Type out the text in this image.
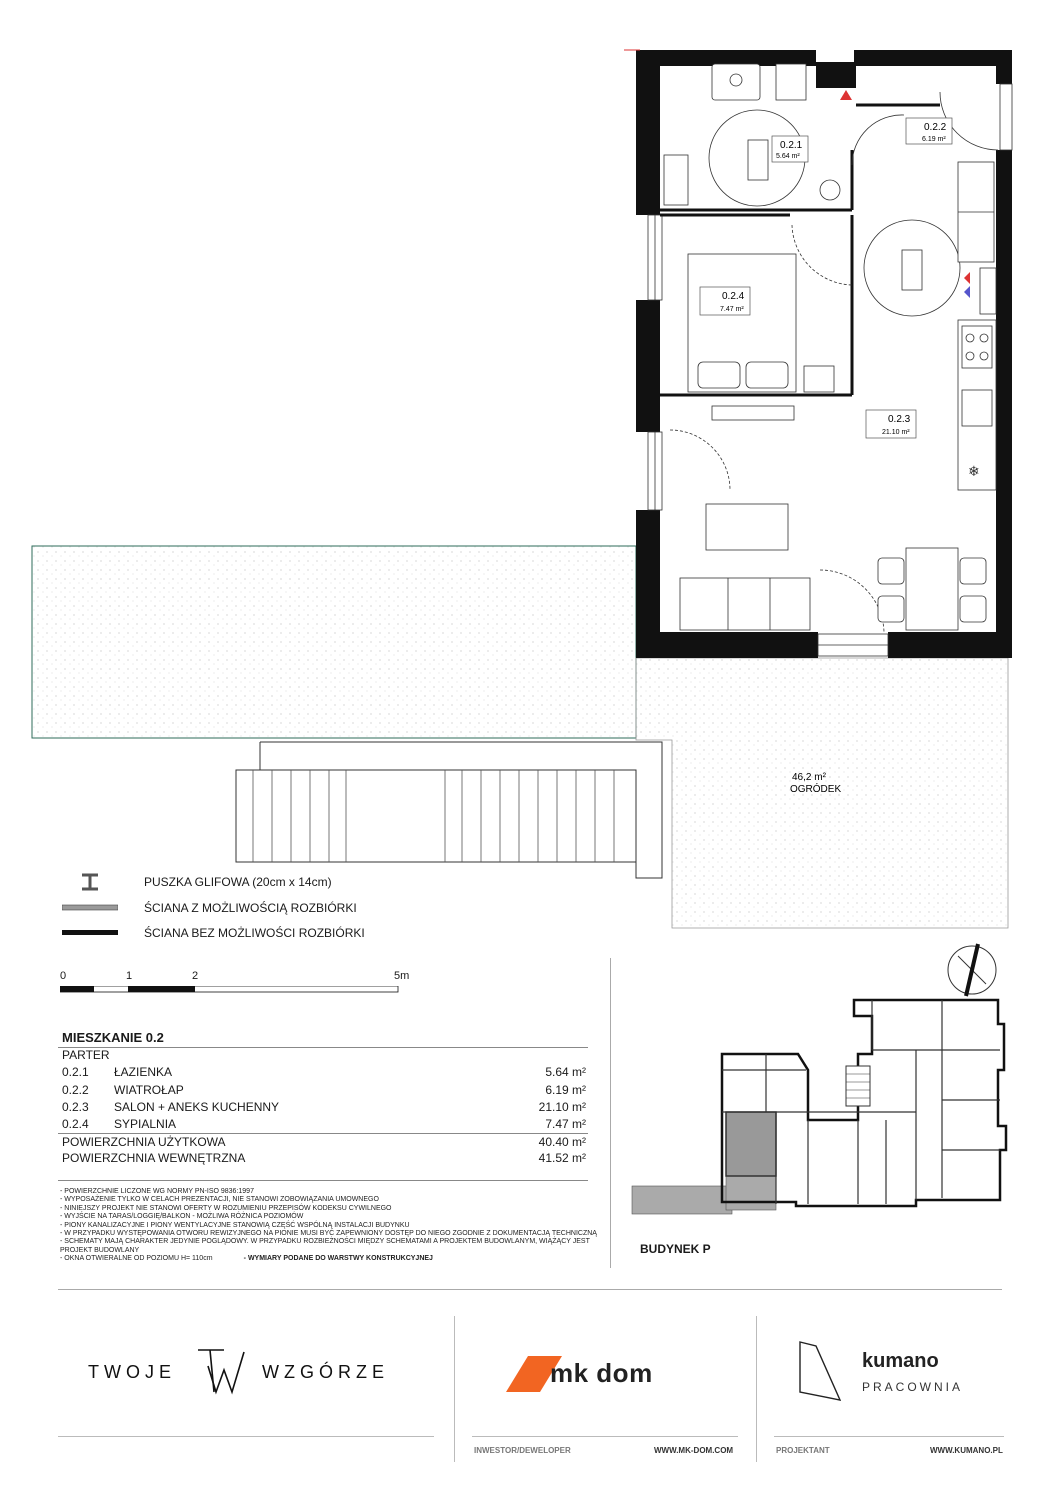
❄
0.2.1
5.64 m²
0.2.2
6.19 m²
0.2.3
21.10 m²
0.2.4
7.47 m²
46,2 m²
OGRÓDEK
PUSZKA GLIFOWA (20cm x 14cm)
ŚCIANA Z MOŻLIWOŚCIĄ ROZBIÓRKI
ŚCIANA BEZ MOŻLIWOŚCI ROZBIÓRKI
0	1	2	5m
MIESZKANIE 0.2
PARTER
0.2.1 ŁAZIENKA	5.64 m²
0.2.2 WIATROŁAP	6.19 m²
0.2.3 SALON + ANEKS KUCHENNY	21.10 m²
0.2.4 SYPIALNIA	7.47 m²
POWIERZCHNIA UŻYTKOWA	40.40 m²
POWIERZCHNIA WEWNĘTRZNA	41.52 m²
- POWIERZCHNIE LICZONE WG NORMY PN-ISO 9836:1997
- WYPOSAŻENIE TYLKO W CELACH PREZENTACJI, NIE STANOWI ZOBOWIĄZANIA UMOWNEGO
- NINIEJSZY PROJEKT NIE STANOWI OFERTY W ROZUMIENIU PRZEPISÓW KODEKSU CYWILNEGO
- WYJŚCIE NA TARAS/LOGGIĘ/BALKON - MOŻLIWA RÓŻNICA POZIOMÓW
- PIONY KANALIZACYJNE I PIONY WENTYLACYJNE STANOWIĄ CZĘŚĆ WSPÓLNĄ INSTALACJI BUDYNKU
- W PRZYPADKU WYSTĘPOWANIA OTWORU REWIZYJNEGO NA PIONIE MUSI BYĆ ZAPEWNIONY DOSTĘP DO NIEGO ZGODNIE Z DOKUMENTACJĄ TECHNICZNĄ
- SCHEMATY MAJĄ CHARAKTER JEDYNIE POGLĄDOWY. W PRZYPADKU ROZBIEŻNOŚCI MIĘDZY SCHEMATAMI A PROJEKTEM BUDOWLANYM, WIĄŻĄCY JEST PROJEKT BUDOWLANY
- OKNA OTWIERALNE OD POZIOMU H= 110cm	- WYMIARY PODANE DO WARSTWY KONSTRUKCYJNEJ
BUDYNEK P
TWOJE	WZGÓRZE	mk dom	kumano
PRACOWNIA
INWESTOR/DEWELOPER	WWW.MK-DOM.COM	PROJEKTANT	WWW.KUMANO.PL
